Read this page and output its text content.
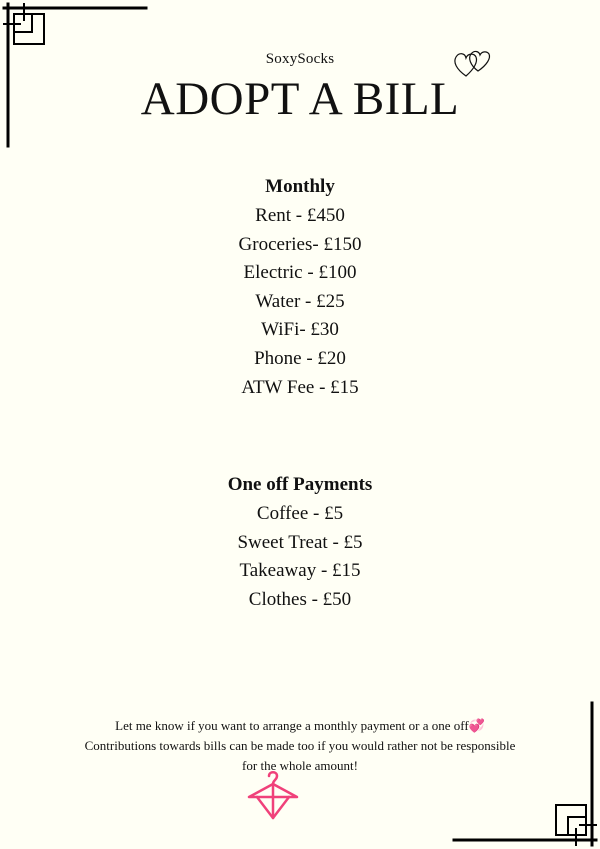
SoxySocks
ADOPT A BILL
Monthly
Rent - £450
Groceries- £150
Electric - £100
Water - £25
WiFi- £30
Phone - £20
ATW Fee - £15
One off Payments
Coffee - £5
Sweet Treat - £5
Takeaway - £15
Clothes - £50
Let me know if you want to arrange a monthly payment or a one off💞
Contributions towards bills can be made too if you would rather not be responsible for the whole amount!
